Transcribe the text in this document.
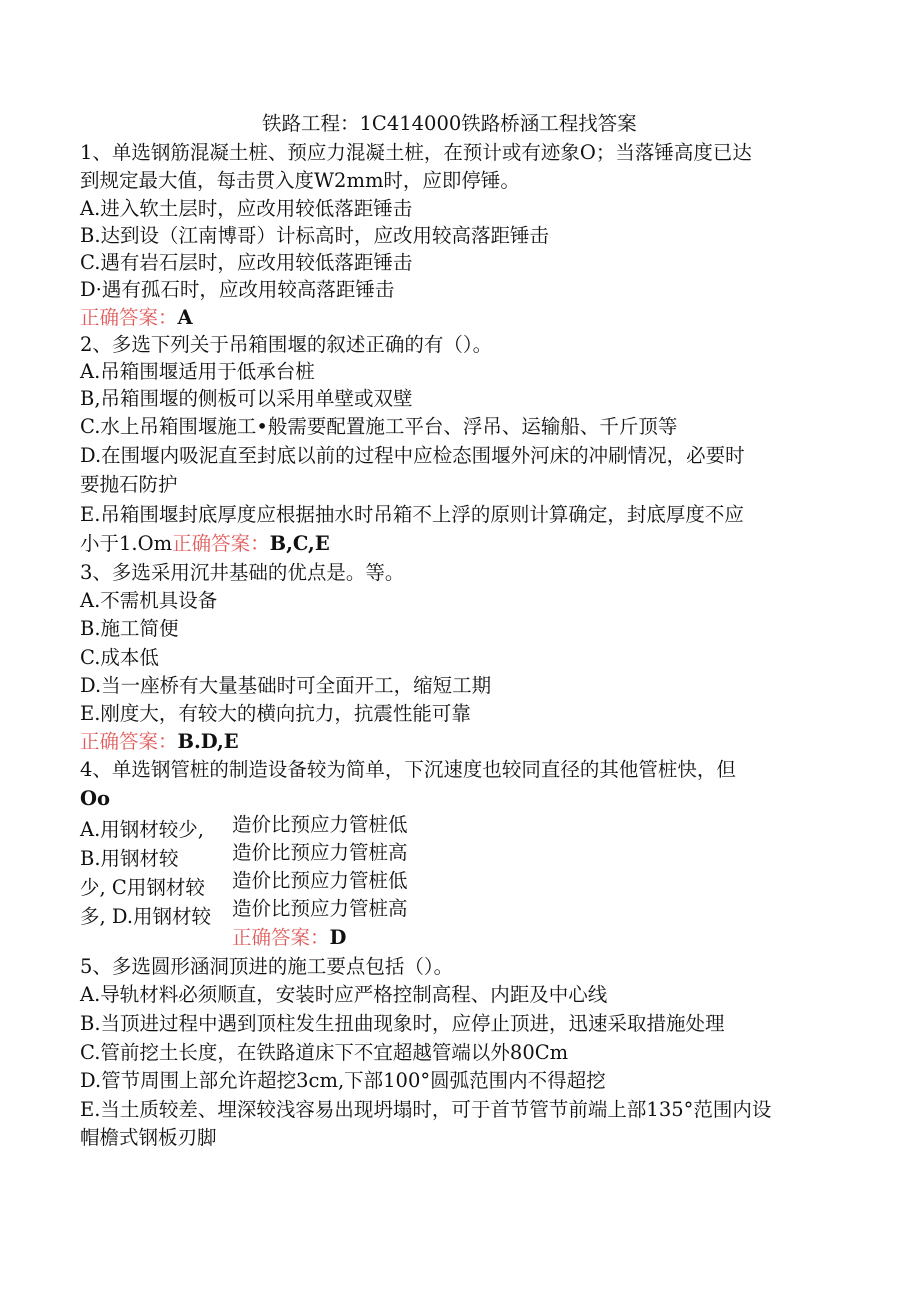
铁路工程：1C414000铁路桥涵工程找答案
1、单选钢筋混凝土桩、预应力混凝土桩，在预计或有迹象O；当落锤高度已达
到规定最大值，每击贯入度W2mm时，应即停锤。
A.进入软土层时，应改用较低落距锤击
B.达到设（江南博哥）计标高时，应改用较高落距锤击
C.遇有岩石层时，应改用较低落距锤击
D·遇有孤石时，应改用较高落距锤击
正确答案：A
2、多选下列关于吊箱围堰的叙述正确的有（）。
A.吊箱围堰适用于低承台桩
B,吊箱围堰的侧板可以采用单壁或双壁
C.水上吊箱围堰施工•般需要配置施工平台、浮吊、运输船、千斤顶等
D.在围堰内吸泥直至封底以前的过程中应检态围堰外河床的冲刷情况，必要时
要抛石防护
E.吊箱围堰封底厚度应根据抽水时吊箱不上浮的原则计算确定，封底厚度不应
小于1.Om正确答案：B,C,E
3、多选采用沉井基础的优点是。等。
A.不需机具设备
B.施工简便
C.成本低
D.当一座桥有大量基础时可全面开工，缩短工期
E.刚度大，有较大的横向抗力，抗震性能可靠
正确答案：B.D,E
4、单选钢管桩的制造设备较为简单，下沉速度也较同直径的其他管桩快，但
Oo
A.用钢材较少,
B.用钢材较
少, C用钢材较
多, D.用钢材较
造价比预应力管桩低
造价比预应力管桩高
造价比预应力管桩低
造价比预应力管桩高
正确答案：D
5、多选圆形涵洞顶进的施工要点包括（）。
A.导轨材料必须顺直，安装时应严格控制高程、内距及中心线
B.当顶进过程中遇到顶柱发生扭曲现象时，应停止顶进，迅速采取措施处理
C.管前挖土长度，在铁路道床下不宜超越管端以外80Cm
D.管节周围上部允许超挖3cm,下部100°圆弧范围内不得超挖
E.当土质较差、埋深较浅容易出现坍塌时，可于首节管节前端上部135°范围内设
帽檐式钢板刃脚
